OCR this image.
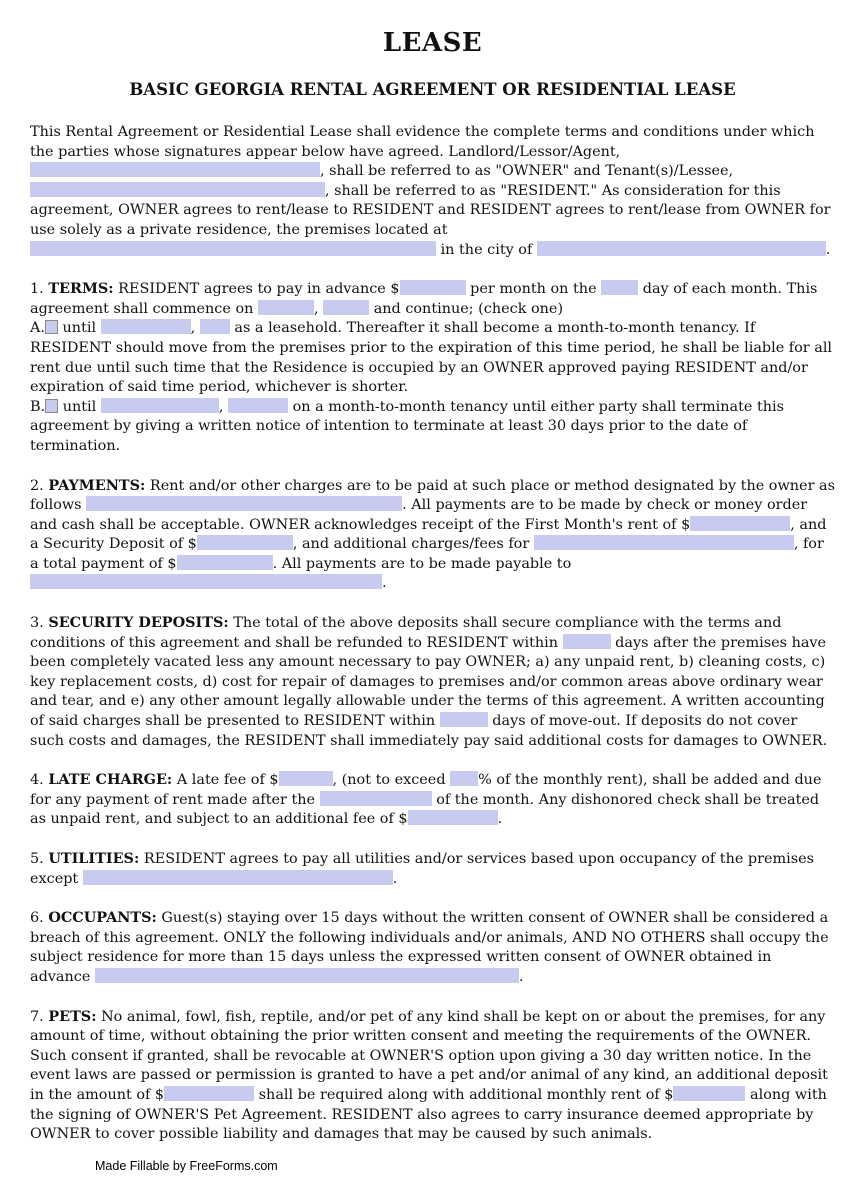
LEASE
BASIC GEORGIA RENTAL AGREEMENT OR RESIDENTIAL LEASE

This Rental Agreement or Residential Lease shall evidence the complete terms and conditions under which the parties whose signatures appear below have agreed. Landlord/Lessor/Agent, , shall be referred to as "OWNER" and Tenant(s)/Lessee, , shall be referred to as "RESIDENT." As consideration for this agreement, OWNER agrees to rent/lease to RESIDENT and RESIDENT agrees to rent/lease from OWNER for use solely as a private residence, the premises located at  in the city of	.

1. TERMS: RESIDENT agrees to pay in advance $	per month on the	day of each month. This agreement shall commence on	,	and continue; (check one)
A. until	,  as a leasehold. Thereafter it shall become a month-to-month tenancy. If RESIDENT should move from the premises prior to the expiration of this time period, he shall be liable for all rent due until such time that the Residence is occupied by an OWNER approved paying RESIDENT and/or expiration of said time period, whichever is shorter.
B. until	,	on a month-to-month tenancy until either party shall terminate this agreement by giving a written notice of intention to terminate at least 30 days prior to the date of termination.

2. PAYMENTS: Rent and/or other charges are to be paid at such place or method designated by the owner as follows	. All payments are to be made by check or money order and cash shall be acceptable. OWNER acknowledges receipt of the First Month's rent of $	, and a Security Deposit of $	, and additional charges/fees for	, for a total payment of $	. All payments are to be made payable to .

3. SECURITY DEPOSITS: The total of the above deposits shall secure compliance with the terms and conditions of this agreement and shall be refunded to RESIDENT within	days after the premises have been completely vacated less any amount necessary to pay OWNER; a) any unpaid rent, b) cleaning costs, c) key replacement costs, d) cost for repair of damages to premises and/or common areas above ordinary wear and tear, and e) any other amount legally allowable under the terms of this agreement. A written accounting of said charges shall be presented to RESIDENT within	days of move-out. If deposits do not cover such costs and damages, the RESIDENT shall immediately pay said additional costs for damages to OWNER.

4. LATE CHARGE: A late fee of $	, (not to exceed % of the monthly rent), shall be added and due for any payment of rent made after the	of the month. Any dishonored check shall be treated as unpaid rent, and subject to an additional fee of $	.

5. UTILITIES: RESIDENT agrees to pay all utilities and/or services based upon occupancy of the premises except	.

6. OCCUPANTS: Guest(s) staying over 15 days without the written consent of OWNER shall be considered a breach of this agreement. ONLY the following individuals and/or animals, AND NO OTHERS shall occupy the subject residence for more than 15 days unless the expressed written consent of OWNER obtained in advance	.

7. PETS: No animal, fowl, fish, reptile, and/or pet of any kind shall be kept on or about the premises, for any amount of time, without obtaining the prior written consent and meeting the requirements of the OWNER. Such consent if granted, shall be revocable at OWNER'S option upon giving a 30 day written notice. In the event laws are passed or permission is granted to have a pet and/or animal of any kind, an additional deposit in the amount of $	shall be required along with additional monthly rent of $	along with the signing of OWNER'S Pet Agreement. RESIDENT also agrees to carry insurance deemed appropriate by OWNER to cover possible liability and damages that may be caused by such animals.

Made Fillable by FreeForms.com
